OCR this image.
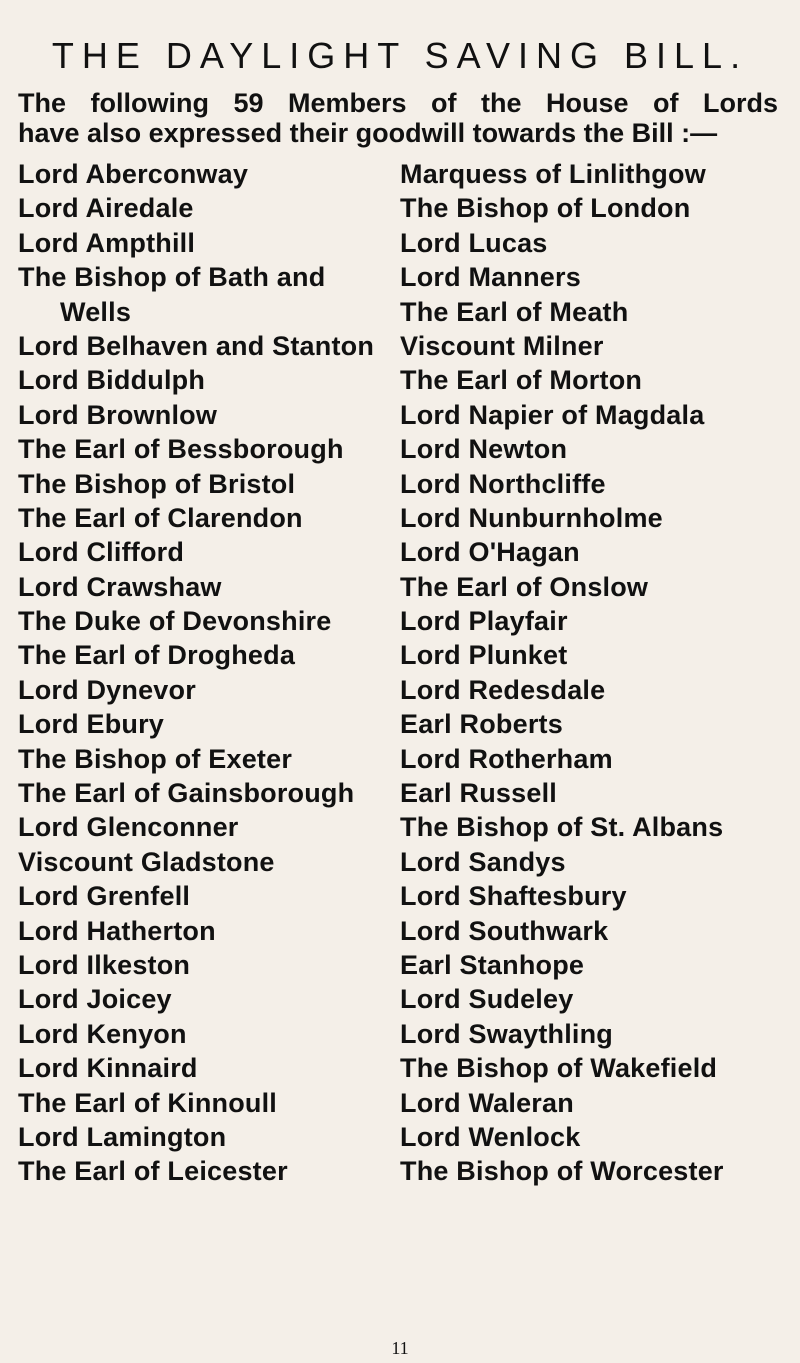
THE DAYLIGHT SAVING BILL.

The following 59 Members of the House of Lords
have also expressed their goodwill towards the Bill :—

Lord Aberconway
Lord Airedale
Lord Ampthill
The Bishop of Bath and
Wells
Lord Belhaven and Stanton
Lord Biddulph
Lord Brownlow
The Earl of Bessborough
The Bishop of Bristol
The Earl of Clarendon
Lord Clifford
Lord Crawshaw
The Duke of Devonshire
The Earl of Drogheda
Lord Dynevor
Lord Ebury
The Bishop of Exeter
The Earl of Gainsborough
Lord Glenconner
Viscount Gladstone
Lord Grenfell
Lord Hatherton
Lord Ilkeston
Lord Joicey
Lord Kenyon
Lord Kinnaird
The Earl of Kinnoull
Lord Lamington
The Earl of Leicester
Marquess of Linlithgow
The Bishop of London
Lord Lucas
Lord Manners
The Earl of Meath
Viscount Milner
The Earl of Morton
Lord Napier of Magdala
Lord Newton
Lord Northcliffe
Lord Nunburnholme
Lord O'Hagan
The Earl of Onslow
Lord Playfair
Lord Plunket
Lord Redesdale
Earl Roberts
Lord Rotherham
Earl Russell
The Bishop of St. Albans
Lord Sandys
Lord Shaftesbury
Lord Southwark
Earl Stanhope
Lord Sudeley
Lord Swaythling
The Bishop of Wakefield
Lord Waleran
Lord Wenlock
The Bishop of Worcester
11
